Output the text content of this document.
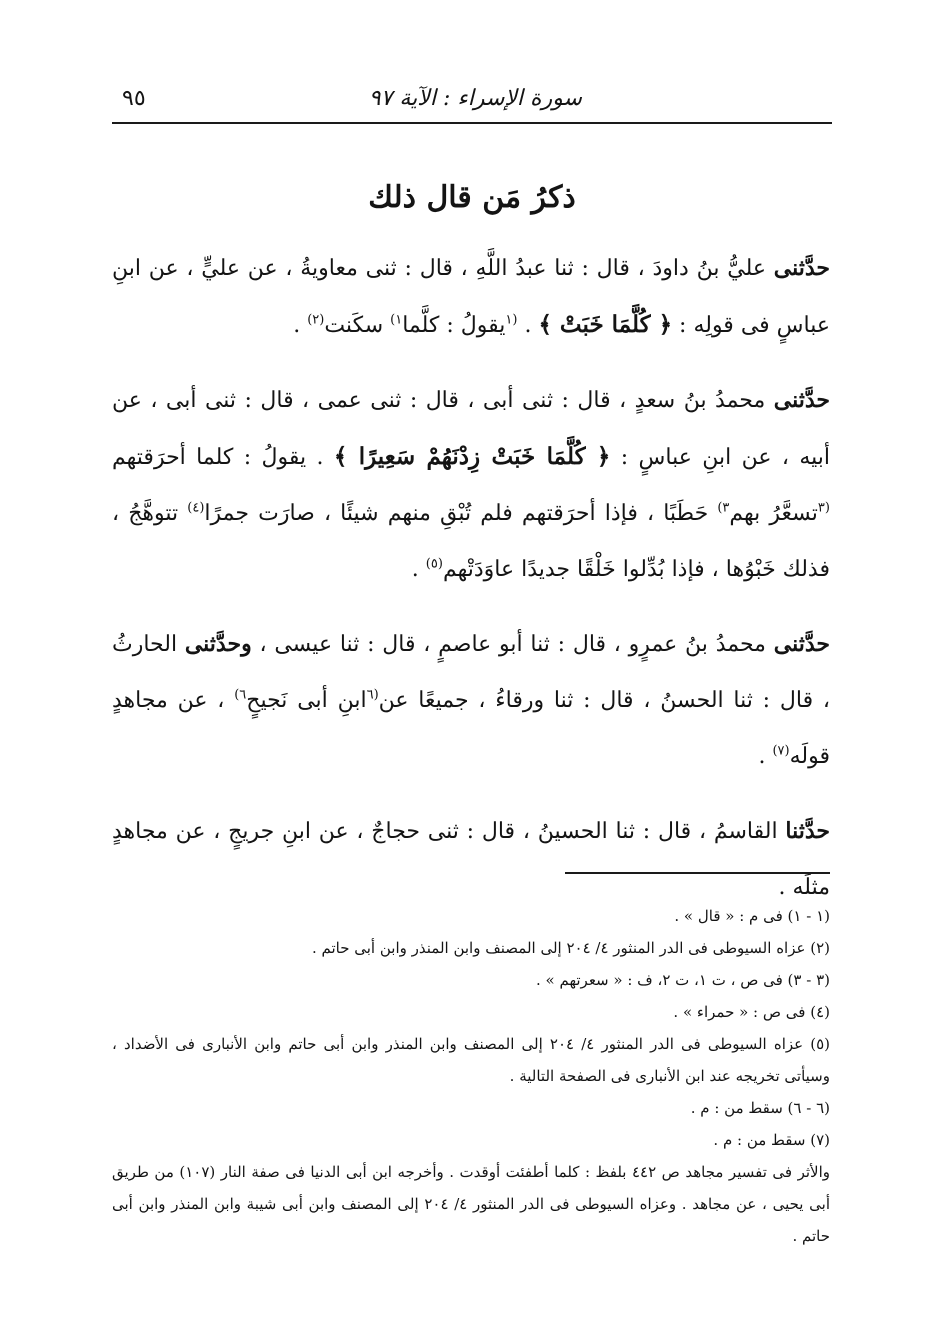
سورة الإسراء : الآية ٩٧
٩٥
ذكرُ مَن قال ذلك

حدَّثنى عليُّ بنُ داودَ ، قال : ثنا عبدُ اللَّهِ ، قال : ثنى معاويةُ ، عن عليٍّ ، عن ابنِ عباسٍ فى قولِه : ﴿ كُلَّمَا خَبَتْ ﴾ . $^{(١}$يقولُ : كلَّما$^{١)}$ سكَنت$^{(٢)}$ .

حدَّثنى محمدُ بنُ سعدٍ ، قال : ثنى أبى ، قال : ثنى عمى ، قال : ثنى أبى ، عن أبيه ، عن ابنِ عباسٍ : ﴿ كُلَّمَا خَبَتْ زِدْنَهُمْ سَعِيرًا ﴾ . يقولُ : كلما أحرَقتهم $^{(٣}$تسعَّرُ بهم$^{٣)}$ حَطَبًا ، فإذا أحرَقتهم فلم تُبْقِ منهم شيئًا ، صارَت جمرًا$^{(٤)}$ تتوهَّجُ ، فذلك خَبْوُها ، فإذا بُدِّلوا خَلْقًا جديدًا عاوَدَتْهم$^{(٥)}$ .

حدَّثنى محمدُ بنُ عمرٍو ، قال : ثنا أبو عاصمٍ ، قال : ثنا عيسى ، وحدَّثنى الحارثُ ، قال : ثنا الحسنُ ، قال : ثنا ورقاءُ ، جميعًا عن$^{(٦}$ابنِ أبى نَجيحٍ$^{٦)}$ ، عن مجاهدٍ قولَه$^{(٧)}$ .

حدَّثنا القاسمُ ، قال : ثنا الحسينُ ، قال : ثنى حجاجٌ ، عن ابنِ جريجٍ ، عن مجاهدٍ مثلَه .

(١ - ١) فى م : « قال » .

(٢) عزاه السيوطى فى الدر المنثور ٤/ ٢٠٤ إلى المصنف وابن المنذر وابن أبى حاتم .

(٣ - ٣) فى ص ، ت ١، ت ٢، ف : « سعرتهم » .

(٤) فى ص : « حمراء » .

(٥) عزاه السيوطى فى الدر المنثور ٤/ ٢٠٤ إلى المصنف وابن المنذر وابن أبى حاتم وابن الأنبارى فى الأضداد ، وسيأتى تخريجه عند ابن الأنبارى فى الصفحة التالية .

(٦ - ٦) سقط من : م .

(٧) سقط من : م .

والأثر فى تفسير مجاهد ص ٤٤٢ بلفظ : كلما أطفئت أوقدت . وأخرجه ابن أبى الدنيا فى صفة النار (١٠٧) من طريق أبى يحيى ، عن مجاهد . وعزاه السيوطى فى الدر المنثور ٤/ ٢٠٤ إلى المصنف وابن أبى شيبة وابن المنذر وابن أبى حاتم .
